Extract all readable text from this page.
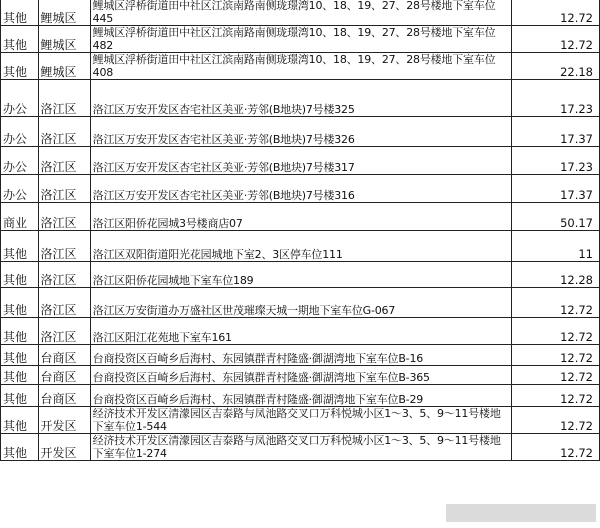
其他	鲤城区	鲤城区浮桥街道田中社区江滨南路南侧珑璟湾10、18、19、27、28号楼地下室车位445	12.72
其他	鲤城区	鲤城区浮桥街道田中社区江滨南路南侧珑璟湾10、18、19、27、28号楼地下室车位482	12.72
其他	鲤城区	鲤城区浮桥街道田中社区江滨南路南侧珑璟湾10、18、19、27、28号楼地下室车位408	22.18
办公	洛江区	洛江区万安开发区杏宅社区美亚·芳邻(B地块)7号楼325	17.23
办公	洛江区	洛江区万安开发区杏宅社区美亚·芳邻(B地块)7号楼326	17.37
办公	洛江区	洛江区万安开发区杏宅社区美亚·芳邻(B地块)7号楼317	17.23
办公	洛江区	洛江区万安开发区杏宅社区美亚·芳邻(B地块)7号楼316	17.37
商业	洛江区	洛江区阳侨花园城3号楼商店07	50.17
其他	洛江区	洛江区双阳街道阳光花园城地下室2、3区停车位111	11
其他	洛江区	洛江区阳侨花园城地下室车位189	12.28
其他	洛江区	洛江区万安街道办万盛社区世茂璀璨天城一期地下室车位G-067	12.72
其他	洛江区	洛江区阳江花苑地下室车161	12.72
其他	台商区	台商投资区百崎乡后海村、东园镇群青村隆盛·御湖湾地下室车位B-16	12.72
其他	台商区	台商投资区百崎乡后海村、东园镇群青村隆盛·御湖湾地下室车位B-365	12.72
其他	台商区	台商投资区百崎乡后海村、东园镇群青村隆盛·御湖湾地下室车位B-29	12.72
其他	开发区	经济技术开发区清濛园区吉泰路与凤池路交叉口万科悦城小区1～3、5、9～11号楼地下室车位1-544	12.72
其他	开发区	经济技术开发区清濛园区吉泰路与凤池路交叉口万科悦城小区1～3、5、9～11号楼地下室车位1-274	12.72
